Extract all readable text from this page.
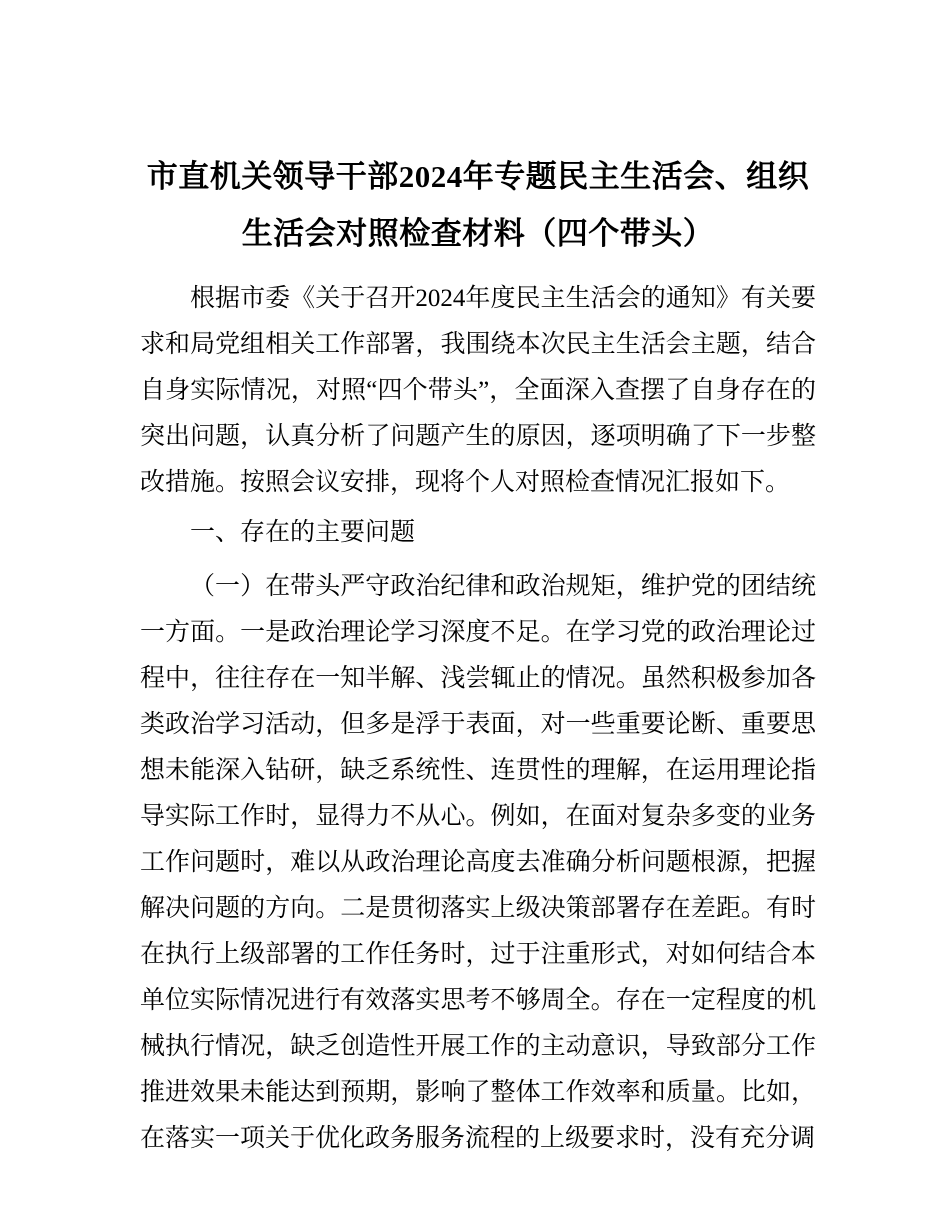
市直机关领导干部2024年专题民主生活会、组织生活会对照检查材料（四个带头）

根据市委《关于召开2024年度民主生活会的通知》有关要求和局党组相关工作部署，我围绕本次民主生活会主题，结合自身实际情况，对照“四个带头”，全面深入查摆了自身存在的突出问题，认真分析了问题产生的原因，逐项明确了下一步整改措施。按照会议安排，现将个人对照检查情况汇报如下。

一、存在的主要问题

（一）在带头严守政治纪律和政治规矩，维护党的团结统一方面。一是政治理论学习深度不足。在学习党的政治理论过程中，往往存在一知半解、浅尝辄止的情况。虽然积极参加各类政治学习活动，但多是浮于表面，对一些重要论断、重要思想未能深入钻研，缺乏系统性、连贯性的理解，在运用理论指导实际工作时，显得力不从心。例如，在面对复杂多变的业务工作问题时，难以从政治理论高度去准确分析问题根源，把握解决问题的方向。二是贯彻落实上级决策部署存在差距。有时在执行上级部署的工作任务时，过于注重形式，对如何结合本单位实际情况进行有效落实思考不够周全。存在一定程度的机械执行情况，缺乏创造性开展工作的主动意识，导致部分工作推进效果未能达到预期，影响了整体工作效率和质量。比如，在落实一项关于优化政务服务流程的上级要求时，没有充分调
